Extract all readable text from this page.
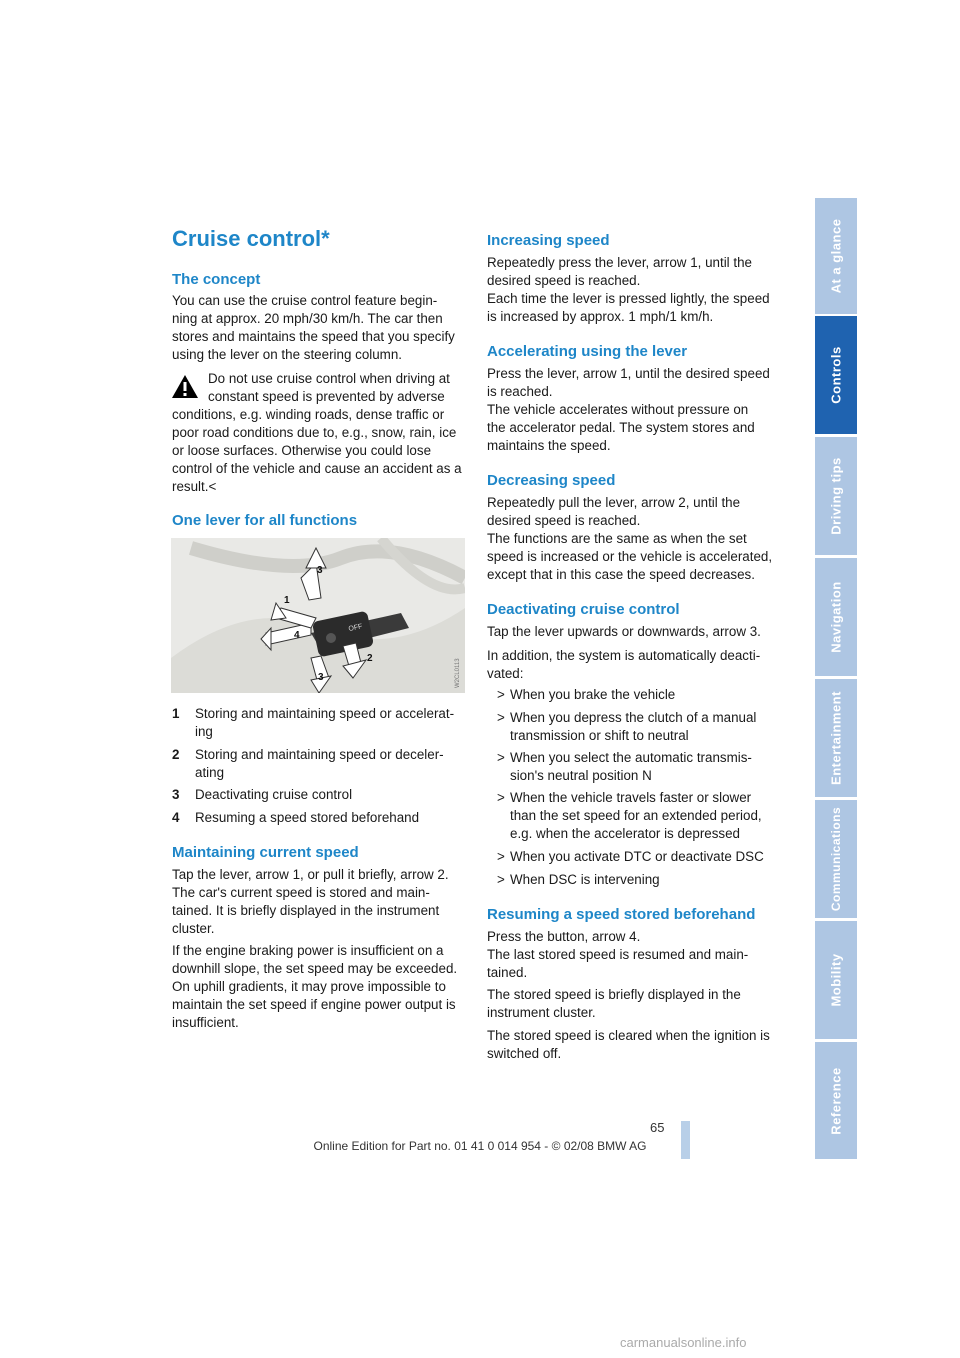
Cruise control*
The concept

You can use the cruise control feature begin-

ning at approx. 20 mph/30 km/h. The car then

stores and maintains the speed that you specify

using the lever on the steering column.

Do not use cruise control when driving at

constant speed is prevented by adverse

conditions, e.g. winding roads, dense traffic or

poor road conditions due to, e.g., snow, rain, ice

or loose surfaces. Otherwise you could lose

control of the vehicle and cause an accident as a

result.<

One lever for all functions
OFF
3
1
4
2
3	W2CL0113
1 Storing and maintaining speed or accelerat-
ing
2 Storing and maintaining speed or deceler-
ating
3 Deactivating cruise control
4 Resuming a speed stored beforehand
Maintaining current speed

Tap the lever, arrow 1, or pull it briefly, arrow 2.

The car's current speed is stored and main-

tained. It is briefly displayed in the instrument

cluster.

If the engine braking power is insufficient on a

downhill slope, the set speed may be exceeded.

On uphill gradients, it may prove impossible to

maintain the set speed if engine power output is

insufficient.

Increasing speed

Repeatedly press the lever, arrow 1, until the

desired speed is reached.

Each time the lever is pressed lightly, the speed

is increased by approx. 1 mph/1 km/h.

Accelerating using the lever

Press the lever, arrow 1, until the desired speed

is reached.

The vehicle accelerates without pressure on

the accelerator pedal. The system stores and

maintains the speed.

Decreasing speed

Repeatedly pull the lever, arrow 2, until the

desired speed is reached.

The functions are the same as when the set

speed is increased or the vehicle is accelerated,

except that in this case the speed decreases.

Deactivating cruise control

Tap the lever upwards or downwards, arrow 3.

In addition, the system is automatically deacti-

vated:

> When you brake the vehicle
> When you depress the clutch of a manual
transmission or shift to neutral
> When you select the automatic transmis-
sion's neutral position N
> When the vehicle travels faster or slower
than the set speed for an extended period,
e.g. when the accelerator is depressed
> When you activate DTC or deactivate DSC
> When DSC is intervening
Resuming a speed stored beforehand

Press the button, arrow 4.

The last stored speed is resumed and main-

tained.

The stored speed is briefly displayed in the

instrument cluster.

The stored speed is cleared when the ignition is

switched off.

At a glance
Controls
Driving tips
Navigation
Entertainment
Communications
Mobility
Reference
65
Online Edition for Part no. 01 41 0 014 954 - © 02/08 BMW AG
carmanualsonline.info
